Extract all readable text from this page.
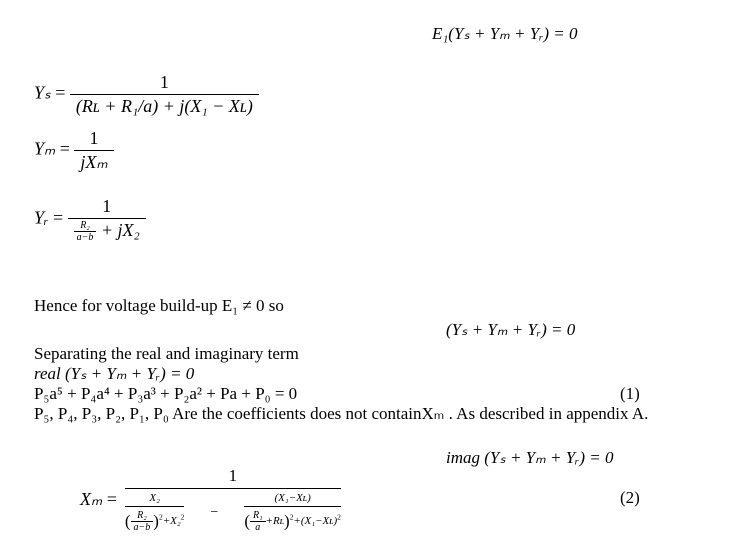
E₁(Yₛ + Yₘ + Yᵣ) = 0
$Y_s = \frac{1}{\text{(Rʟ + R₁/a) + j(X₁ − Xʟ)}}$
$Y_m = \frac{1}{\text{jXₘ}}$
Yᵣ = $\frac{1}{\frac{\text{R₂}}{a-b} + jX_2}$
Hence for voltage build-up E₁ ≠ 0 so
(Yₛ + Yₘ + Yᵣ) = 0
Separating the real and imaginary term
real (Yₛ + Yₘ + Yᵣ) = 0
P₅a⁵ + P₄a⁴ + P₃a³ + P₂a² + Pa + P₀ = 0	(1)
P₅, P₄, P₃, P₂, P₁, P₀ Are the coefficients does not containXₘ . As described in appendix A.
imag (Yₛ + Yₘ + Yᵣ) = 0
(2)
Xₘ =
1
$\frac{\text{X₂}}{( \frac{\text{R₂}}{a-b} )^2+X_2^2} - \frac{\text{(X₁−Xʟ)}}{( \frac{\text{R₁}}{a} +Rʟ)^2+(X_1-Xʟ)^2}$
